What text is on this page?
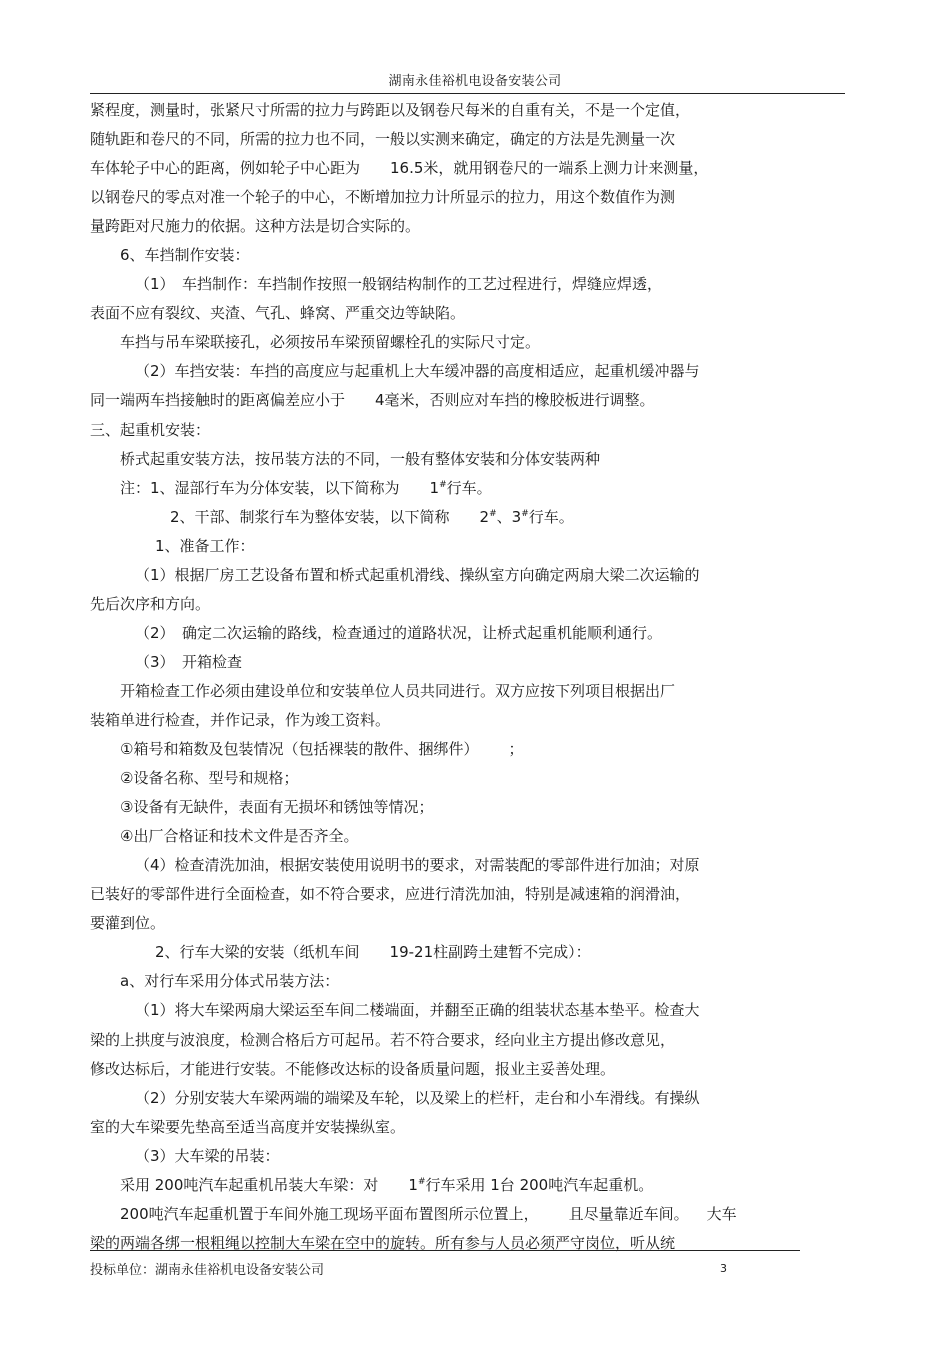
湖南永佳裕机电设备安装公司
紧程度，测量时，张紧尺寸所需的拉力与跨距以及钢卷尺每米的自重有关，不是一个定值，
随轨距和卷尺的不同，所需的拉力也不同，一般以实测来确定，确定的方法是先测量一次
车体轮子中心的距离，例如轮子中心距为 16.5米，就用钢卷尺的一端系上测力计来测量，
以钢卷尺的零点对准一个轮子的中心，不断增加拉力计所显示的拉力，用这个数值作为测
量跨距对尺施力的依据。这种方法是切合实际的。
6、车挡制作安装：
（1）　车挡制作：车挡制作按照一般钢结构制作的工艺过程进行，焊缝应焊透，
表面不应有裂纹、夹渣、气孔、蜂窝、严重交边等缺陷。
车挡与吊车梁联接孔，必须按吊车梁预留螺栓孔的实际尺寸定。
（2）车挡安装：车挡的高度应与起重机上大车缓冲器的高度相适应，起重机缓冲器与
同一端两车挡接触时的距离偏差应小于 4毫米，否则应对车挡的橡胶板进行调整。
三、起重机安装：
桥式起重安装方法，按吊装方法的不同，一般有整体安装和分体安装两种
注：1、湿部行车为分体安装，以下简称为 1#行车。
2、干部、制浆行车为整体安装，以下简称 2#、3#行车。
1、准备工作：
（1）根据厂房工艺设备布置和桥式起重机滑线、操纵室方向确定两扇大梁二次运输的
先后次序和方向。
（2）　确定二次运输的路线，检查通过的道路状况，让桥式起重机能顺利通行。
（3）　开箱检查
开箱检查工作必须由建设单位和安装单位人员共同进行。双方应按下列项目根据出厂
装箱单进行检查，并作记录，作为竣工资料。
①箱号和箱数及包装情况（包括裸装的散件、捆绑件） ；
②设备名称、型号和规格；
③设备有无缺件，表面有无损坏和锈蚀等情况；
④出厂合格证和技术文件是否齐全。
（4）检查清洗加油，根据安装使用说明书的要求，对需装配的零部件进行加油；对原
已装好的零部件进行全面检查，如不符合要求，应进行清洗加油，特别是减速箱的润滑油，
要灌到位。
2、行车大梁的安装（纸机车间 19-21柱副跨土建暂不完成）：
a、对行车采用分体式吊装方法：
（1）将大车梁两扇大梁运至车间二楼端面，并翻至正确的组装状态基本垫平。检查大
梁的上拱度与波浪度，检测合格后方可起吊。若不符合要求，经向业主方提出修改意见，
修改达标后，才能进行安装。不能修改达标的设备质量问题，报业主妥善处理。
（2）分别安装大车梁两端的端梁及车轮，以及梁上的栏杆，走台和小车滑线。有操纵
室的大车梁要先垫高至适当高度并安装操纵室。
（3）大车梁的吊装：
采用 200吨汽车起重机吊装大车梁：对 1#行车采用 1台 200吨汽车起重机。
200吨汽车起重机置于车间外施工现场平面布置图所示位置上， 且尽量靠近车间。 大车
梁的两端各绑一根粗绳以控制大车梁在空中的旋转。所有参与人员必须严守岗位，听从统
投标单位：湖南永佳裕机电设备安装公司	3
